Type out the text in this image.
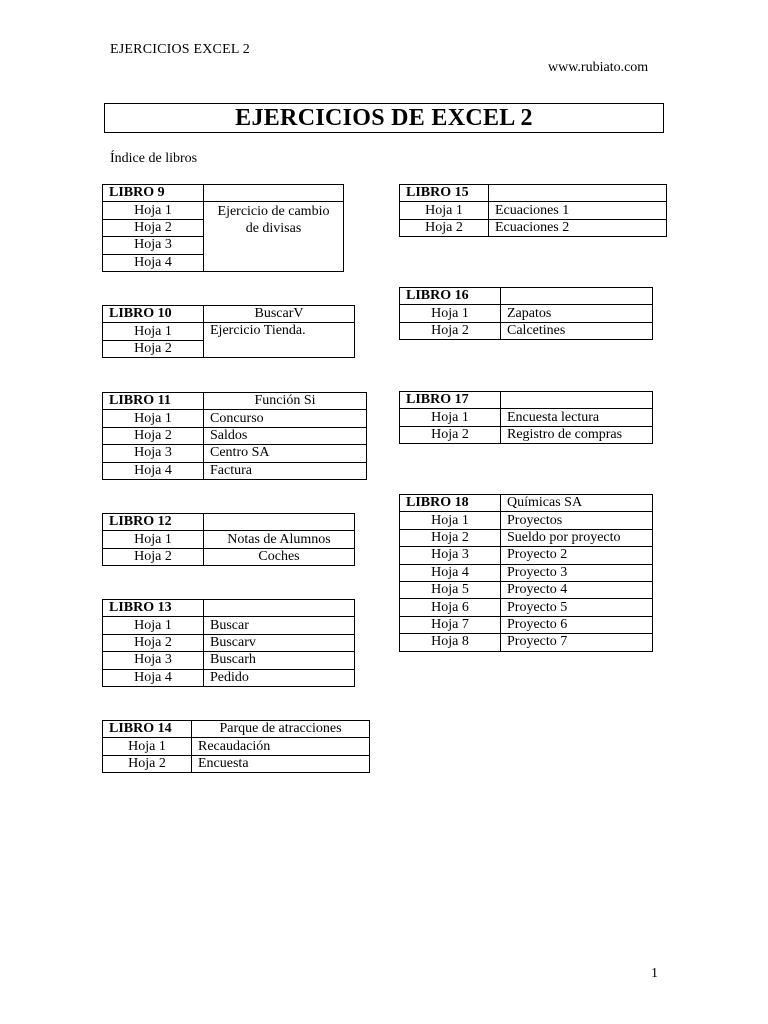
EJERCICIOS EXCEL 2
www.rubiato.com
EJERCICIOS DE EXCEL 2
Índice de libros
LIBRO 9	
Hoja 1	Ejercicio de cambio de divisas
Hoja 2	
Hoja 3	
Hoja 4	
LIBRO 10	BuscarV
Hoja 1	Ejercicio Tienda.
Hoja 2	
LIBRO 11	Función Si
Hoja 1	Concurso
Hoja 2	Saldos
Hoja 3	Centro SA
Hoja 4	Factura
LIBRO 12	
Hoja 1	Notas de Alumnos
Hoja 2	Coches
LIBRO 13	
Hoja 1	Buscar
Hoja 2	Buscarv
Hoja 3	Buscarh
Hoja 4	Pedido
LIBRO 14	Parque de atracciones
Hoja 1	Recaudación
Hoja 2	Encuesta
LIBRO 15	
Hoja 1	Ecuaciones 1
Hoja 2	Ecuaciones 2
LIBRO 16	
Hoja 1	Zapatos
Hoja 2	Calcetines
LIBRO 17	
Hoja 1	Encuesta lectura
Hoja 2	Registro de compras
LIBRO 18	Químicas SA
Hoja 1	Proyectos
Hoja 2	Sueldo por proyecto
Hoja 3	Proyecto 2
Hoja 4	Proyecto 3
Hoja 5	Proyecto 4
Hoja 6	Proyecto 5
Hoja 7	Proyecto 6
Hoja 8	Proyecto 7
1
